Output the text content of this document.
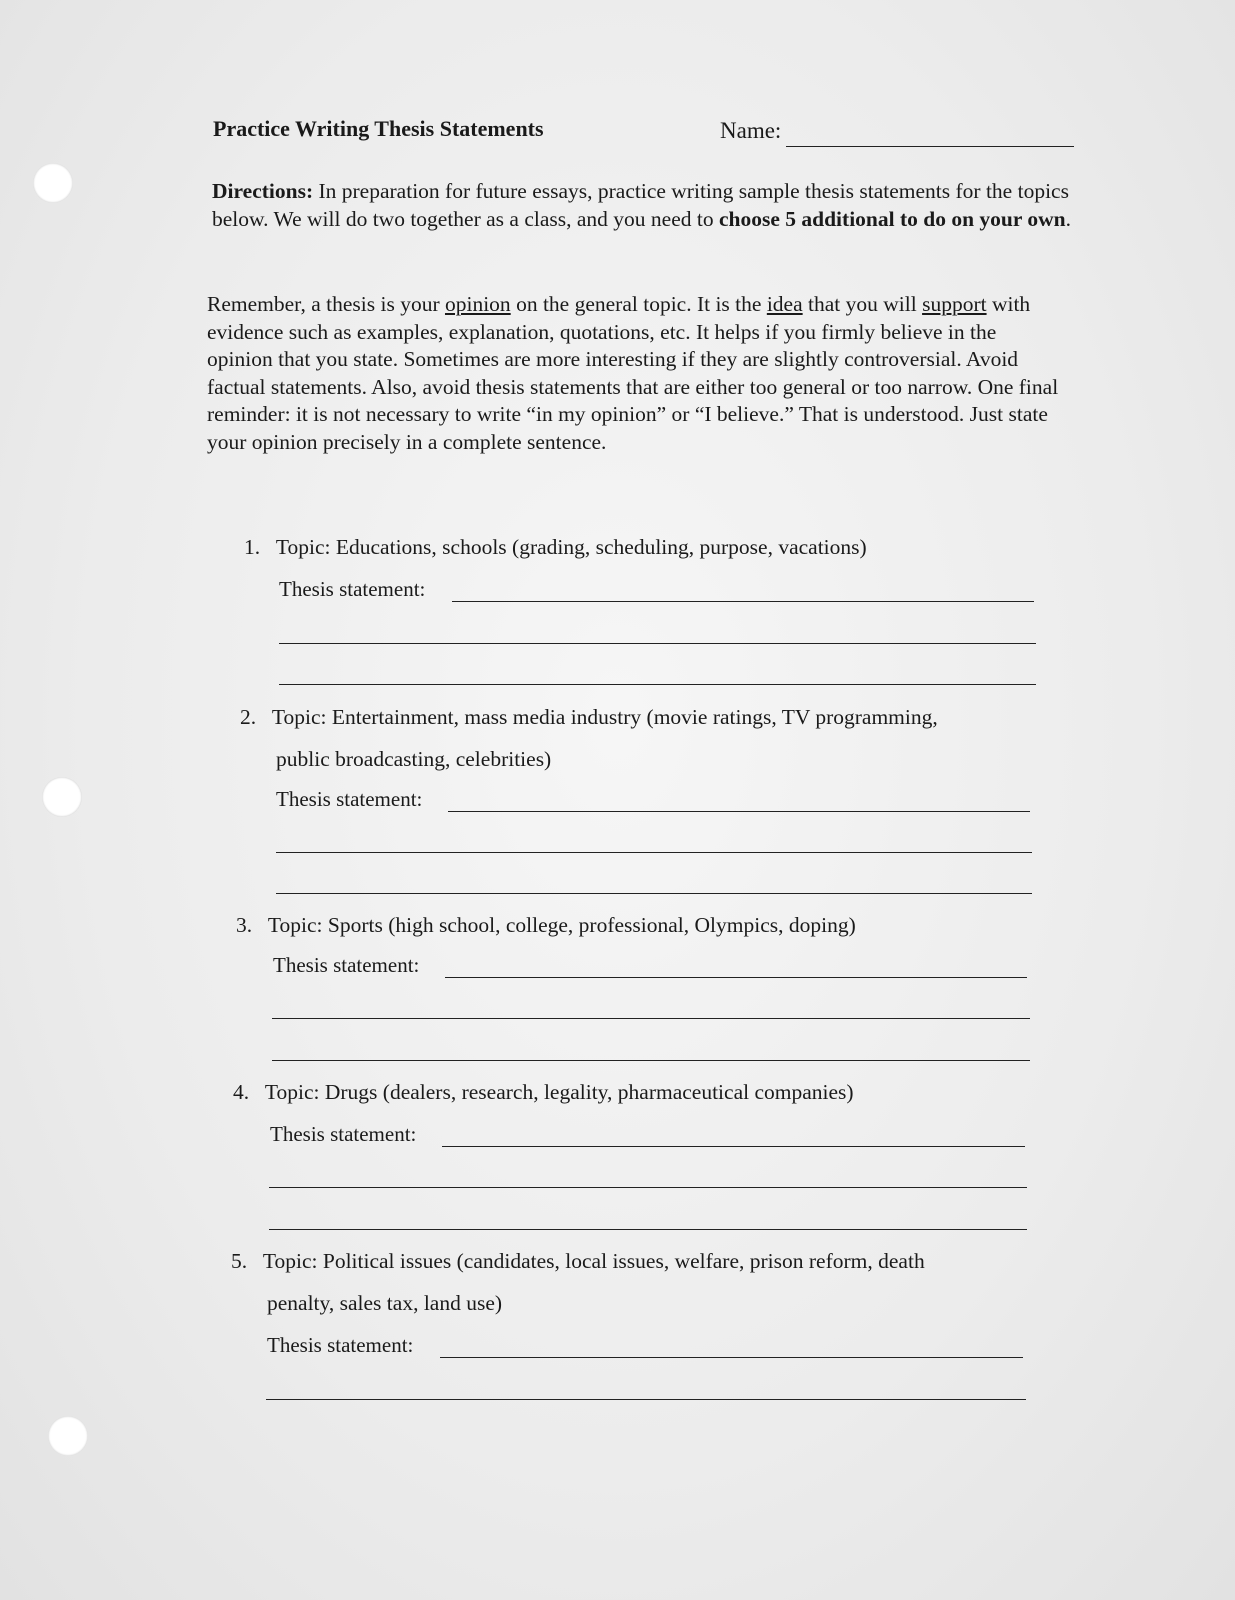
Practice Writing Thesis Statements	Name:
Directions: In preparation for future essays, practice writing sample thesis statements for the topics below. We will do two together as a class, and you need to choose 5 additional to do on your own.
Remember, a thesis is your opinion on the general topic. It is the idea that you will support with evidence such as examples, explanation, quotations, etc. It helps if you firmly believe in the opinion that you state. Sometimes are more interesting if they are slightly controversial. Avoid factual statements. Also, avoid thesis statements that are either too general or too narrow. One final reminder: it is not necessary to write “in my opinion” or “I believe.” That is understood. Just state your opinion precisely in a complete sentence.
1. Topic: Educations, schools (grading, scheduling, purpose, vacations)
Thesis statement:
2. Topic: Entertainment, mass media industry (movie ratings, TV programming,
public broadcasting, celebrities)
Thesis statement:
3. Topic: Sports (high school, college, professional, Olympics, doping)
Thesis statement:
4. Topic: Drugs (dealers, research, legality, pharmaceutical companies)
Thesis statement:
5. Topic: Political issues (candidates, local issues, welfare, prison reform, death
penalty, sales tax, land use)
Thesis statement:
